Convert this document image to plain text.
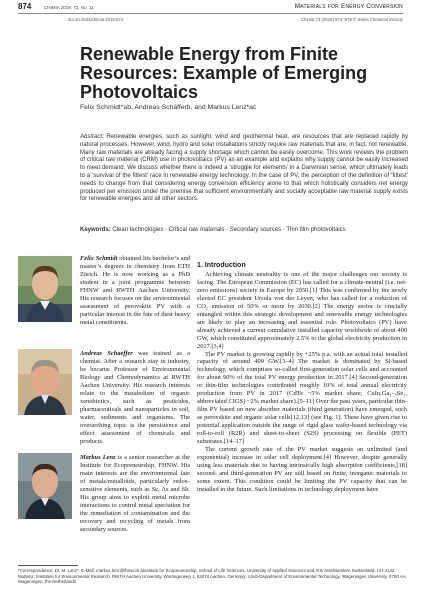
874	CHIMIA 2019, 73, No. 11	Materials for Energy Conversion
doi:10.2533/chimia.2019.874	Chimia 73 (2019) 874–879 © Swiss Chemical Society
Renewable Energy from Finite Resources: Example of Emerging Photovoltaics
Felix Schmidt*ab, Andreas Schäfferb, and Markus Lenz*ac

Abstract: Renewable energies, such as sunlight, wind and geothermal heat, are resources that are replaced rapidly by natural processes. However, wind, hydro and solar installations strictly require raw materials that are, in fact, not renewable. Many raw materials are already facing a supply shortage which cannot be easily overcome. This work reviews the problem of critical raw material (CRM) use in photovoltaics (PV) as an example and explains why supply cannot be easily increased to meet demand. We discuss whether there is indeed a ‘struggle for elements’ in a Darwinian sense, which ultimately leads to a ‘survival of the fittest’ race in renewable energy technology. In the case of PV, the perception of the definition of ‘fittest’ needs to change from that considering energy conversion efficiency alone to that which holistically considers net energy produced per emission under the premise that sufficient environmentally and socially acceptable raw material supply exists for renewable energies and all other sectors.

Keywords: Clean technologies · Critical raw materials · Secondary sources · Thin film photovoltaics

Felix Schmidt obtained his bachelor’s and master’s degrees in chemistry from ETH Zürich. He is now working as a PhD student in a joint programme between FHNW and RWTH Aachen University. His research focuses on the environmental assessment of perovskite PV with a particular interest in the fate of their heavy metal constituents.

Andreas Schaeffer was trained as a chemist. After a research stay in industry, he became Professor of Environmental Biology and Chemodynamics at RWTH Aachen University. His research interests relate to the metabolism of organic xenobiotics, such as pesticides, pharmaceuticals and nanoparticles in soil, water, sediments and organisms. The overarching topic is the persistence and effect assessment of chemicals and products.

Markus Lenz is a senior researcher at the Institute for Ecopreneurship, FHNW. His main interests are the environmental fate of metals/metalloids, particularly redox-sensitive elements, such as Se, As and Sb. His group aims to exploit metal microbe interactions to control metal speciation for the remediation of contamination and the recovery and recycling of metals from secondary sources.

1. Introduction

Achieving climate neutrality is one of the major challenges our society is facing. The European Commission (EC) has called for a climate-neutral (i.e. net-zero emissions) society in Europe by 2050.[1] This was confirmed by the newly elected EC president Ursula von der Leyen, who has called for a reduction of CO₂ emission of 50% or more by 2030.[2] The energy sector is crucially entangled within this strategic development and renewable energy technologies are likely to play an increasing and essential role. Photovoltaics (PV) have already achieved a current cumulative installed capacity worldwide of about 400 GW, which constituted approximately 2.5% to the global electricity production in 2017.[3,4]

The PV market is growing rapidly by +25% p.a. with an actual total installed capacity of around 400 GW.[3–4] The market is dominated by Si-based technology, which comprises so-called first-generation solar cells and accounted for about 90% of the total PV energy production in 2017.[4] Second-generation or thin-film technologies contributed roughly 10% of total annual electricity production from PV in 2017 (CdTe ~5% market share; CuInₓGa₁₋ₓSe₂, abbreviated CIGS) ~2% market share).[5–11] Over the past years, particular thin-film PV based on new absorber materials (third generation) have emerged, such as perovskite and organic solar cells[12,13] (see Fig. 1). These have given rise to potential application outside the range of rigid glass wafer-based technology via roll-to-roll (R2R) and sheet-to-sheet (S2S) processing on flexible (PET) substrates.[14–17]

The current growth rate of the PV market suggests an unlimited (and exponential) increase in solar cell deployment.[4] However, despite generally using less materials due to having intrinsically high absorption coefficients,[18] second- and third-generation PV are still based on finite, inorganic materials to some extent. This condition could be limiting the PV capacity that can be installed in the future. Such limitations in technology deployment have

*Correspondence: Dr. M. Lenz*, E-Mail: markus.lenz@fhnw.ch aInstitute for Ecopreneurship, School of Life Sciences, University of Applied Sciences and Arts Northwestern Switzerland, CH-4132 Muttenz; bInstitute for Environmental Research, RWTH Aachen University, Worringerweg 1, 52074 Aachen, Germany; cSub-Department of Environmental Technology, Wageningen University, 6700 AA, Wageningen, the Netherlands
